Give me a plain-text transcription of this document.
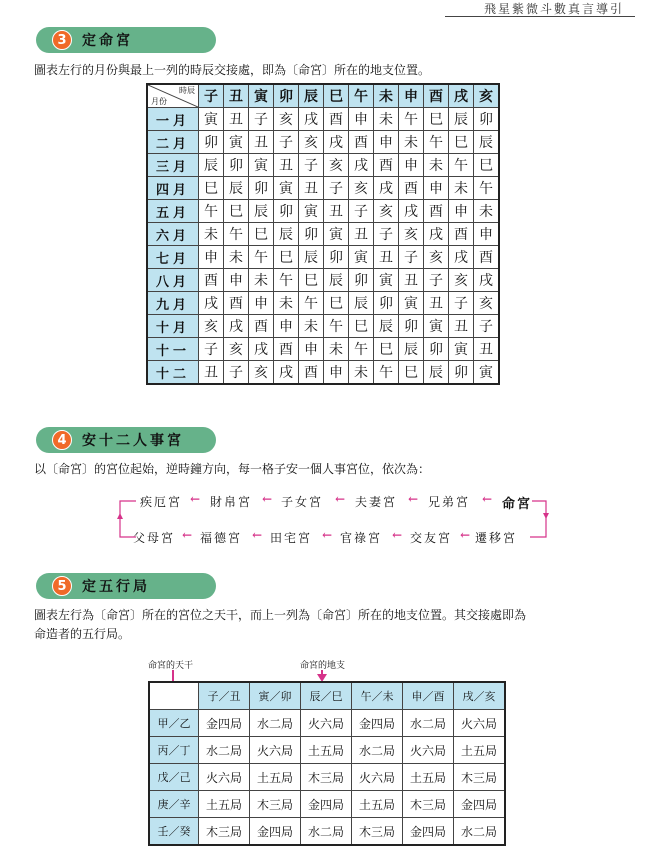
飛星紫微斗數真言導引
3	定命宮
圖表左行的月份與最上一列的時辰交接處，即為〔命宮〕所在的地支位置。
時辰
月份	子	丑	寅	卯	辰	巳	午	未	申	酉	戌	亥
一月	寅	丑	子	亥	戌	酉	申	未	午	巳	辰	卯
二月	卯	寅	丑	子	亥	戌	酉	申	未	午	巳	辰
三月	辰	卯	寅	丑	子	亥	戌	酉	申	未	午	巳
四月	巳	辰	卯	寅	丑	子	亥	戌	酉	申	未	午
五月	午	巳	辰	卯	寅	丑	子	亥	戌	酉	申	未
六月	未	午	巳	辰	卯	寅	丑	子	亥	戌	酉	申
七月	申	未	午	巳	辰	卯	寅	丑	子	亥	戌	酉
八月	酉	申	未	午	巳	辰	卯	寅	丑	子	亥	戌
九月	戌	酉	申	未	午	巳	辰	卯	寅	丑	子	亥
十月	亥	戌	酉	申	未	午	巳	辰	卯	寅	丑	子
十一	子	亥	戌	酉	申	未	午	巳	辰	卯	寅	丑
十二	丑	子	亥	戌	酉	申	未	午	巳	辰	卯	寅
4	安十二人事宮
以〔命宮〕的宮位起始，逆時鐘方向，每一格子安一個人事宮位，依次為：
疾厄宮 財帛宮 子女宮	夫妻宮	兄弟宮 命宮
←	←	←	←	←
父母宮 福德宮 田宅宮 官祿宮 交友宮 遷移宮
←	←	←	←	←
5	定五行局
圖表左行為〔命宮〕所在的宮位之天干，而上一列為〔命宮〕所在的地支位置。其交接處即為
命造者的五行局。
命宮的天干	命宮的地支
	子／丑	寅／卯	辰／巳	午／未	申／酉	戌／亥
甲／乙	金四局	水二局	火六局	金四局	水二局	火六局
丙／丁	水二局	火六局	土五局	水二局	火六局	土五局
戊／己	火六局	土五局	木三局	火六局	土五局	木三局
庚／辛	土五局	木三局	金四局	土五局	木三局	金四局
壬／癸	木三局	金四局	水二局	木三局	金四局	水二局
